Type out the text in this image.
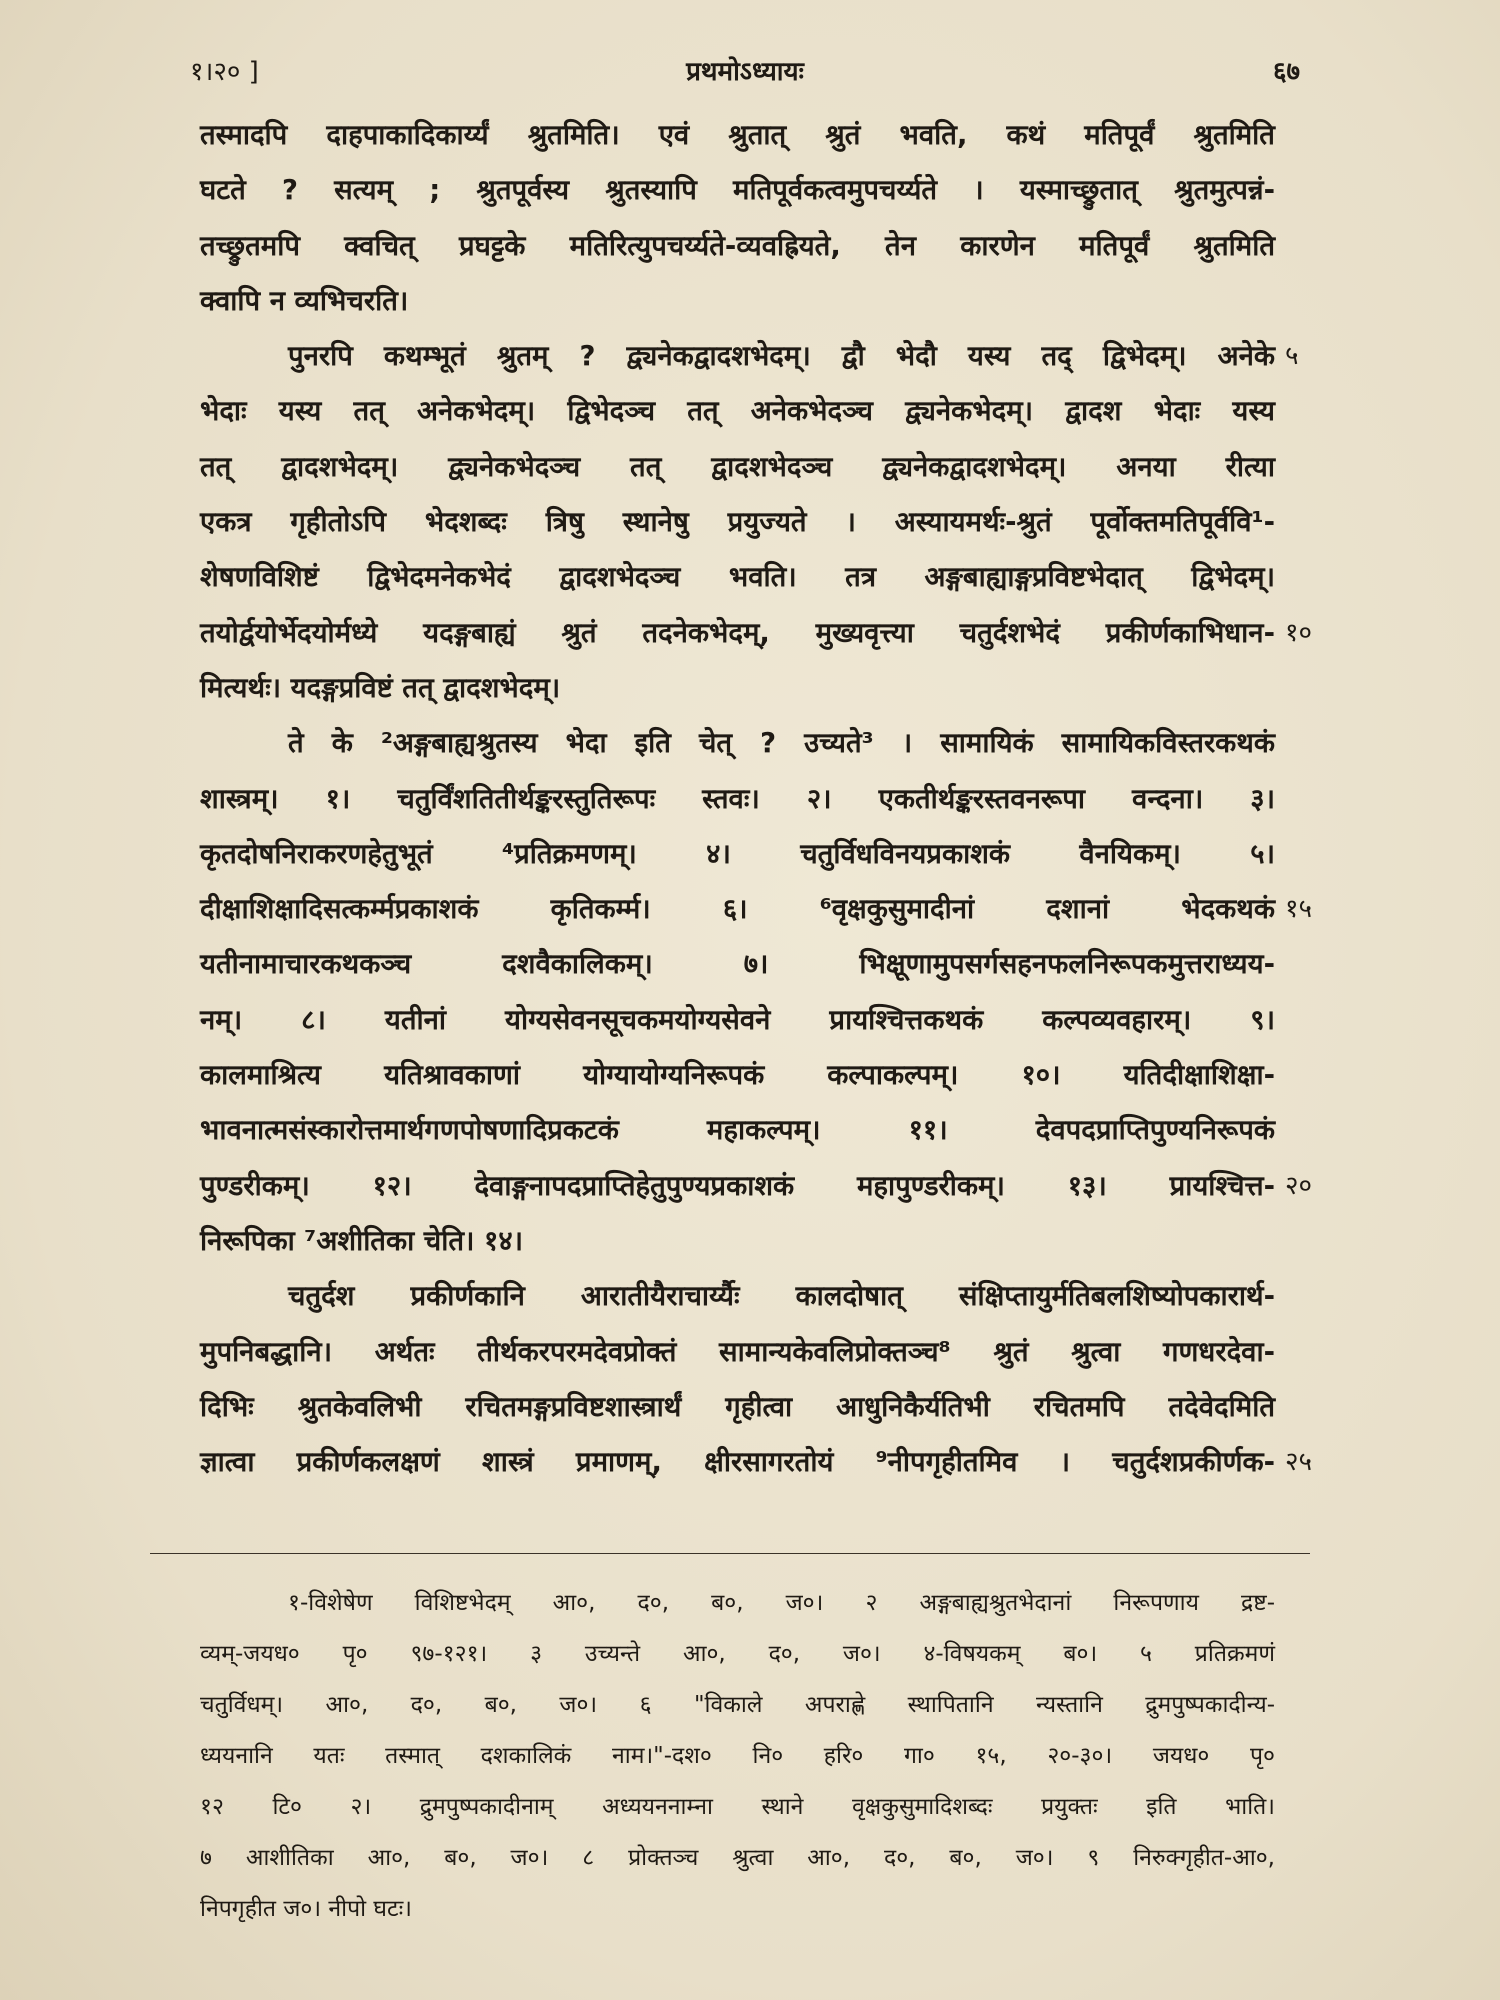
१।२० ]	प्रथमोऽध्यायः	६७
तस्मादपि दाहपाकादिकार्य्यं श्रुतमिति। एवं श्रुतात् श्रुतं भवति, कथं मतिपूर्वं श्रुतमिति
घटते ? सत्यम् ; श्रुतपूर्वस्य श्रुतस्यापि मतिपूर्वकत्वमुपचर्य्यते । यस्माच्छ्रुतात् श्रुतमुत्पन्नं-
तच्छ्रुतमपि क्वचित् प्रघट्टके मतिरित्युपचर्य्यते-व्यवह्रियते, तेन कारणेन मतिपूर्वं श्रुतमिति
क्वापि न व्यभिचरति।
पुनरपि कथम्भूतं श्रुतम् ? द्व्यनेकद्वादशभेदम्। द्वौ भेदौ यस्य तद् द्विभेदम्। अनेके ५
भेदाः यस्य तत् अनेकभेदम्। द्विभेदञ्च तत् अनेकभेदञ्च द्व्यनेकभेदम्। द्वादश भेदाः यस्य
तत् द्वादशभेदम्। द्व्यनेकभेदञ्च तत् द्वादशभेदञ्च द्व्यनेकद्वादशभेदम्। अनया रीत्या
एकत्र गृहीतोऽपि भेदशब्दः त्रिषु स्थानेषु प्रयुज्यते । अस्यायमर्थः-श्रुतं पूर्वोक्तमतिपूर्ववि¹-
शेषणविशिष्टं द्विभेदमनेकभेदं द्वादशभेदञ्च भवति। तत्र अङ्गबाह्याङ्गप्रविष्टभेदात् द्विभेदम्।
तयोर्द्वयोर्भेदयोर्मध्ये यदङ्गबाह्यं श्रुतं तदनेकभेदम्, मुख्यवृत्त्या चतुर्दशभेदं प्रकीर्णकाभिधान- १०
मित्यर्थः। यदङ्गप्रविष्टं तत् द्वादशभेदम्।
ते के ²अङ्गबाह्यश्रुतस्य भेदा इति चेत् ? उच्यते³ । सामायिकं सामायिकविस्तरकथकं
शास्त्रम्। १। चतुर्विंशतितीर्थङ्करस्तुतिरूपः स्तवः। २। एकतीर्थङ्करस्तवनरूपा वन्दना। ३।
कृतदोषनिराकरणहेतुभूतं ⁴प्रतिक्रमणम्। ४। चतुर्विधविनयप्रकाशकं वैनयिकम्। ५।
दीक्षाशिक्षादिसत्कर्म्मप्रकाशकं कृतिकर्म्म। ६। ⁶वृक्षकुसुमादीनां दशानां भेदकथकं १५
यतीनामाचारकथकञ्च दशवैकालिकम्। ७। भिक्षूणामुपसर्गसहनफलनिरूपकमुत्तराध्यय-
नम्। ८। यतीनां योग्यसेवनसूचकमयोग्यसेवने प्रायश्चित्तकथकं कल्पव्यवहारम्। ९।
कालमाश्रित्य यतिश्रावकाणां योग्यायोग्यनिरूपकं कल्पाकल्पम्। १०। यतिदीक्षाशिक्षा-
भावनात्मसंस्कारोत्तमार्थगणपोषणादिप्रकटकं महाकल्पम्। ११। देवपदप्राप्तिपुण्यनिरूपकं
पुण्डरीकम्। १२। देवाङ्गनापदप्राप्तिहेतुपुण्यप्रकाशकं महापुण्डरीकम्। १३। प्रायश्चित्त- २०
निरूपिका ⁷अशीतिका चेति। १४।
चतुर्दश प्रकीर्णकानि आरातीयैराचार्य्यैः कालदोषात् संक्षिप्तायुर्मतिबलशिष्योपकारार्थ-
मुपनिबद्धानि। अर्थतः तीर्थकरपरमदेवप्रोक्तं सामान्यकेवलिप्रोक्तञ्च⁸ श्रुतं श्रुत्वा गणधरदेवा-
दिभिः श्रुतकेवलिभी रचितमङ्गप्रविष्टशास्त्रार्थं गृहीत्वा आधुनिकैर्यतिभी रचितमपि तदेवेदमिति
ज्ञात्वा प्रकीर्णकलक्षणं शास्त्रं प्रमाणम्, क्षीरसागरतोयं ⁹नीपगृहीतमिव । चतुर्दशप्रकीर्णक- २५
१-विशेषेण विशिष्टभेदम् आ०, द०, ब०, ज०। २ अङ्गबाह्यश्रुतभेदानां निरूपणाय द्रष्ट-
व्यम्-जयध० पृ० ९७-१२१। ३ उच्यन्ते आ०, द०, ज०। ४-विषयकम् ब०। ५ प्रतिक्रमणं
चतुर्विधम्। आ०, द०, ब०, ज०। ६ "विकाले अपराह्णे स्थापितानि न्यस्तानि द्रुमपुष्पकादीन्य-
ध्ययनानि यतः तस्मात् दशकालिकं नाम।"-दश० नि० हरि० गा० १५, २०-३०। जयध० पृ०
१२ टि० २। द्रुमपुष्पकादीनाम् अध्ययननाम्ना स्थाने वृक्षकुसुमादिशब्दः प्रयुक्तः इति भाति।
७ आशीतिका आ०, ब०, ज०। ८ प्रोक्तञ्च श्रुत्वा आ०, द०, ब०, ज०। ९ निरुक्गृहीत-आ०,
निपगृहीत ज०। नीपो घटः।
